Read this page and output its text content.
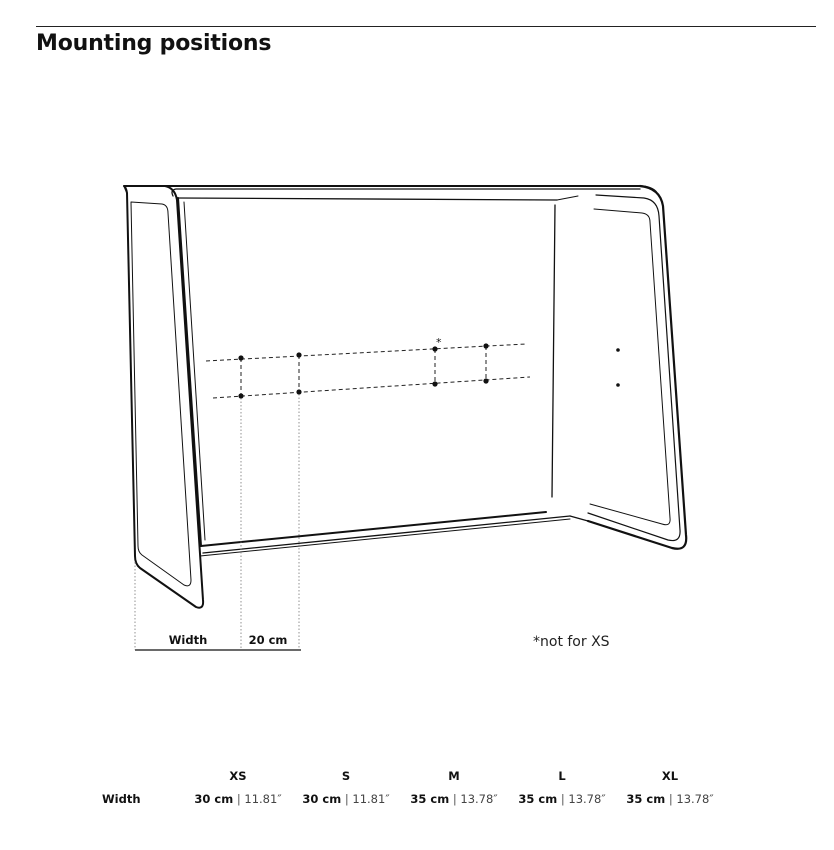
Mounting positions
*
Width	20 cm	*not for XS
	XS	S	M	L	XL
Width	30 cm | 11.81″	30 cm | 11.81″	35 cm | 13.78″	35 cm | 13.78″	35 cm | 13.78″
